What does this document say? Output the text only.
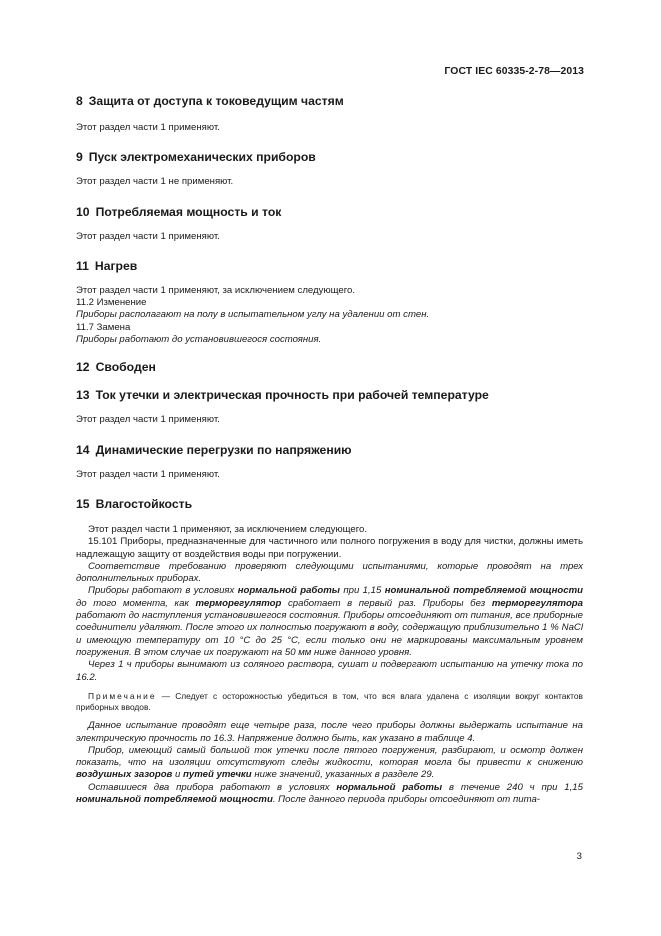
ГОСТ IEC 60335-2-78—2013
8 Защита от доступа к токоведущим частям

Этот раздел части 1 применяют.

9 Пуск электромеханических приборов

Этот раздел части 1 не применяют.

10 Потребляемая мощность и ток

Этот раздел части 1 применяют.

11 Нагрев

Этот раздел части 1 применяют, за исключением следующего.

11.2 Изменение

Приборы располагают на полу в испытательном углу на удалении от стен.

11.7 Замена

Приборы работают до установившегося состояния.

12 Свободен
13 Ток утечки и электрическая прочность при рабочей температуре

Этот раздел части 1 применяют.

14 Динамические перегрузки по напряжению

Этот раздел части 1 применяют.

15 Влагостойкость

Этот раздел части 1 применяют, за исключением следующего.

15.101 Приборы, предназначенные для частичного или полного погружения в воду для чистки, должны иметь надлежащую защиту от воздействия воды при погружении.

Соответствие требованию проверяют следующими испытаниями, которые проводят на трех дополнительных приборах.

Приборы работают в условиях нормальной работы при 1,15 номинальной потребляемой мощности до того момента, как терморегулятор сработает в первый раз. Приборы без терморегулятора работают до наступления установившегося состояния. Приборы отсоединяют от питания, все приборные соединители удаляют. После этого их полностью погружают в воду, содержащую приблизительно 1 % NaCl и имеющую температуру от 10 °C до 25 °C, если только они не маркированы максимальным уровнем погружения. В этом случае их погружают на 50 мм ниже данного уровня.

Через 1 ч приборы вынимают из соляного раствора, сушат и подвергают испытанию на утечку тока по 16.2.

Примечание — Следует с осторожностью убедиться в том, что вся влага удалена с изоляции вокруг контактов приборных вводов.

Данное испытание проводят еще четыре раза, после чего приборы должны выдержать испытание на электрическую прочность по 16.3. Напряжение должно быть, как указано в таблице 4.

Прибор, имеющий самый большой ток утечки после пятого погружения, разбирают, и осмотр должен показать, что на изоляции отсутствуют следы жидкости, которая могла бы привести к снижению воздушных зазоров и путей утечки ниже значений, указанных в разделе 29.

Оставшиеся два прибора работают в условиях нормальной работы в течение 240 ч при 1,15 номинальной потребляемой мощности. После данного периода приборы отсоединяют от пита-

3
